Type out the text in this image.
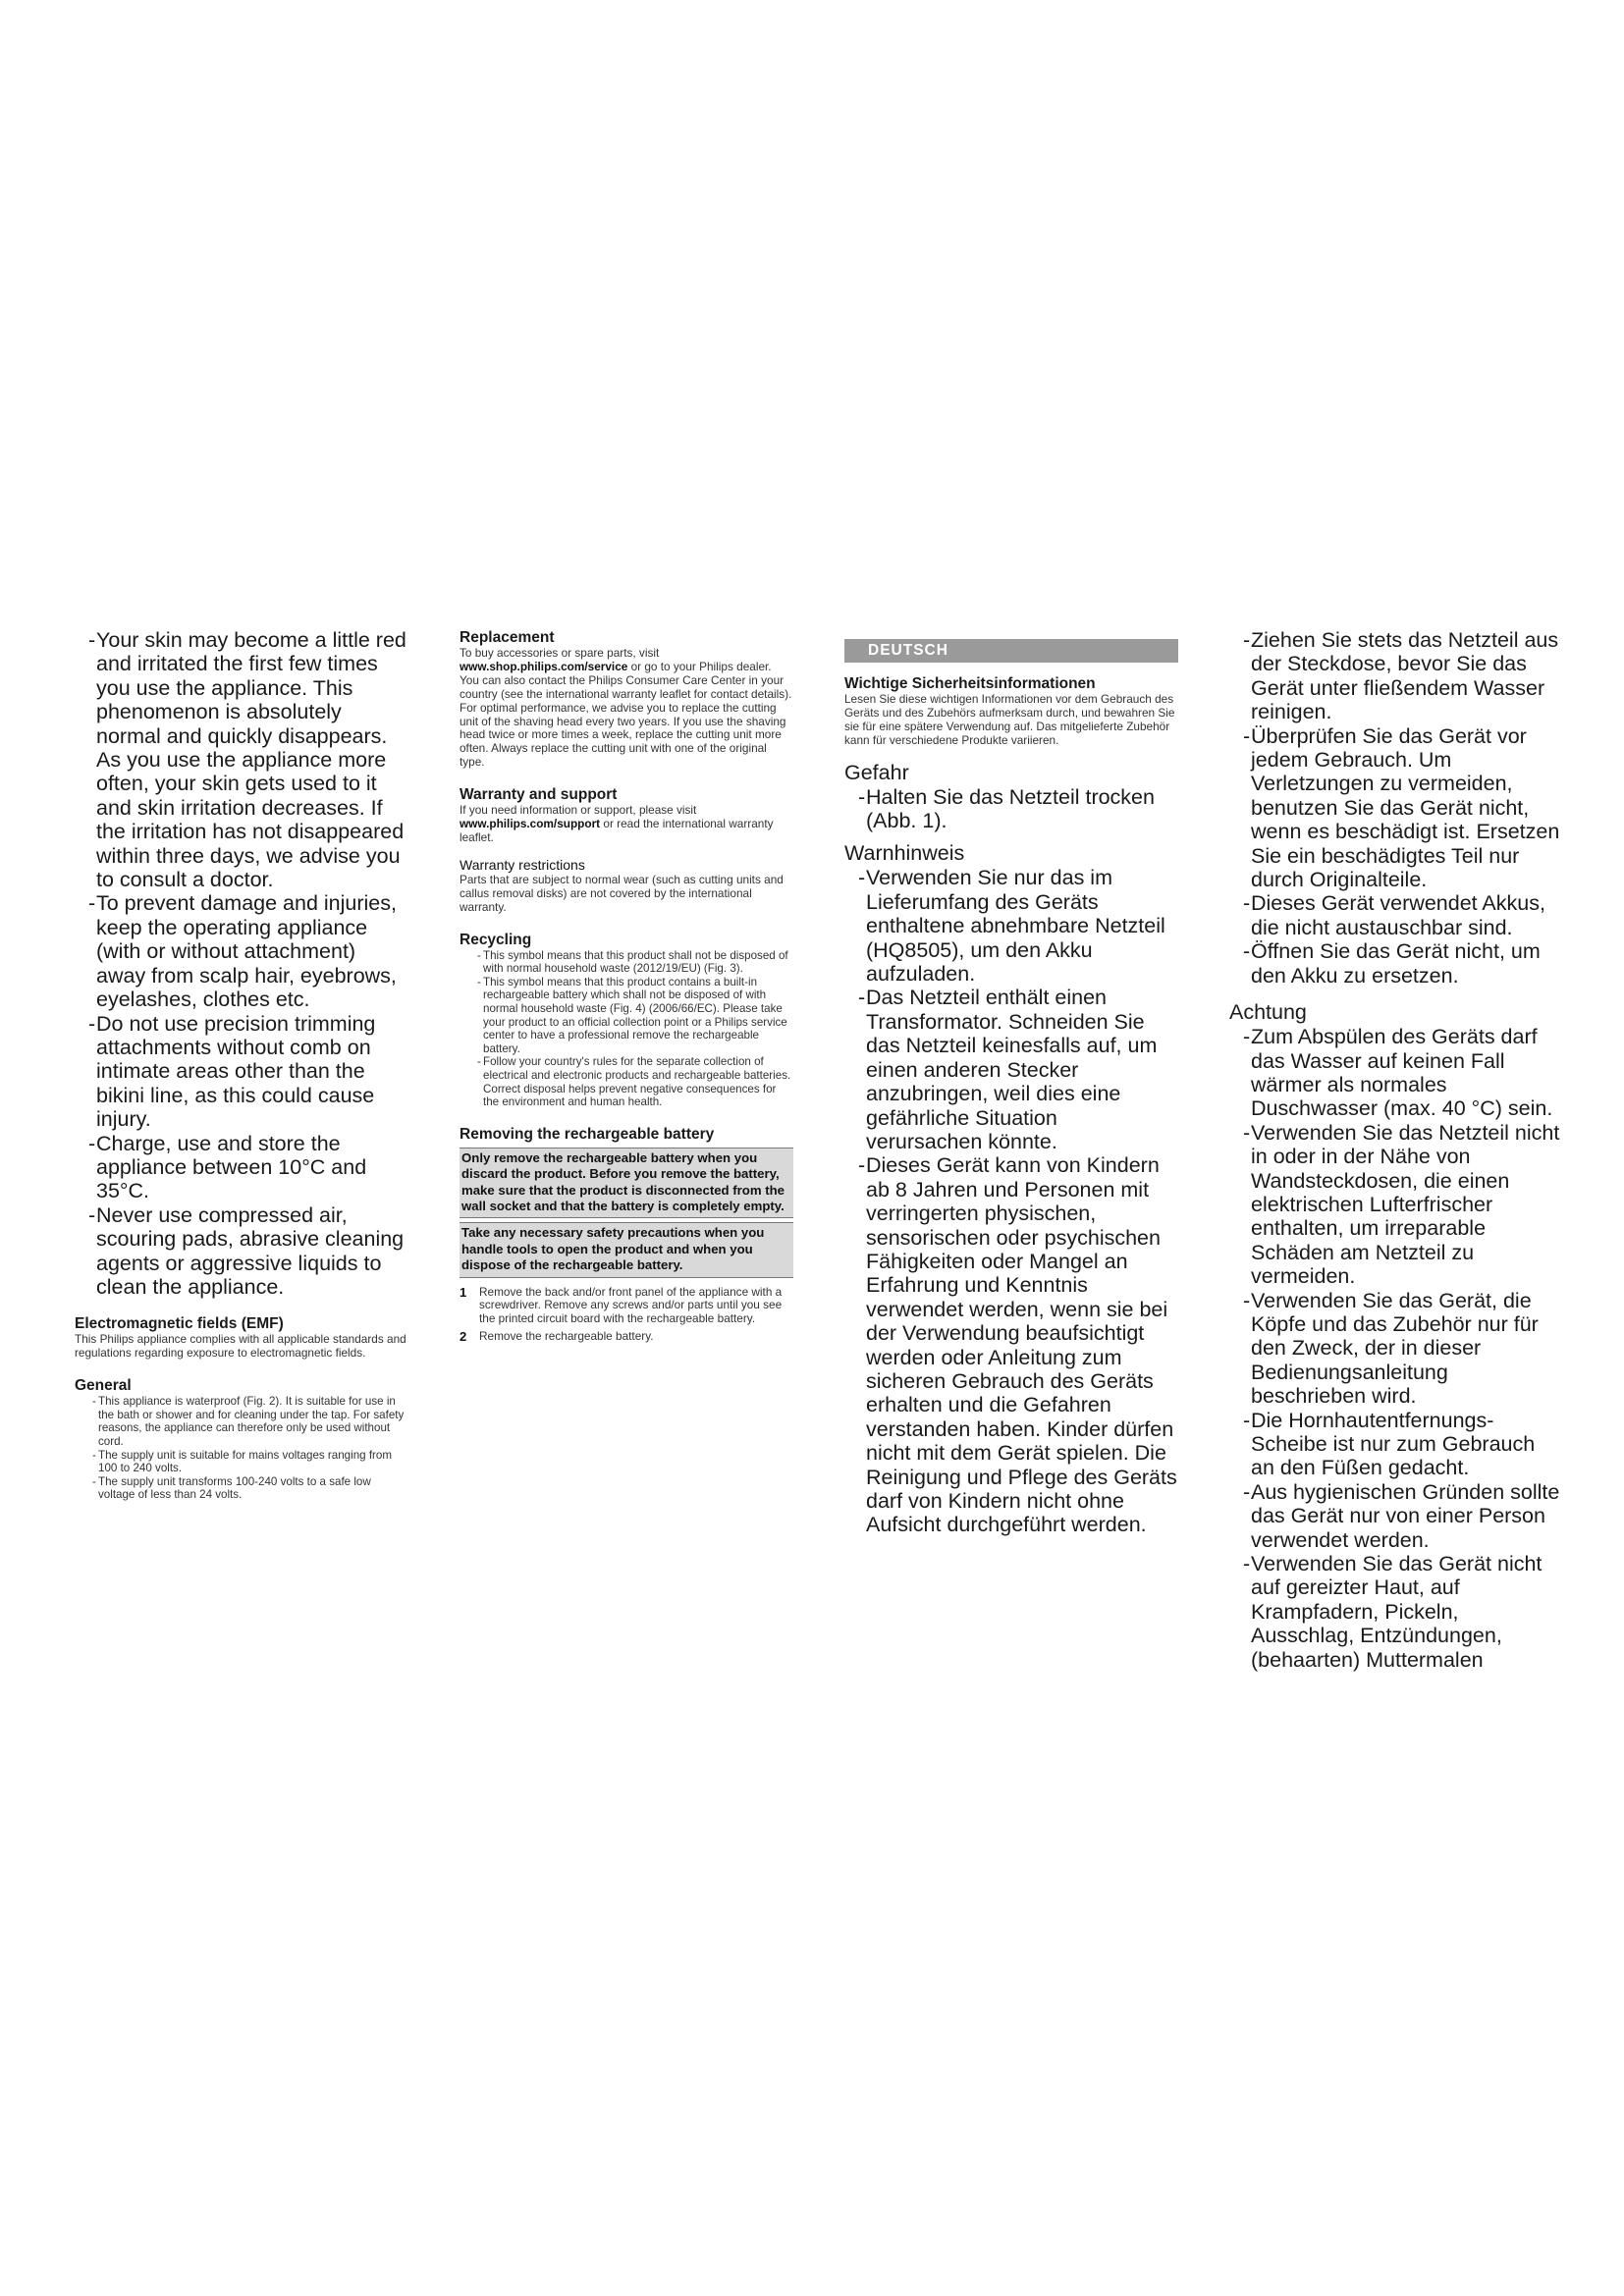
- Your skin may become a little red and irritated the first few times you use the appliance. This phenomenon is absolutely normal and quickly disappears. As you use the appliance more often, your skin gets used to it and skin irritation decreases. If the irritation has not disappeared within three days, we advise you to consult a doctor.
- To prevent damage and injuries, keep the operating appliance (with or without attachment) away from scalp hair, eyebrows, eyelashes, clothes etc.
- Do not use precision trimming attachments without comb on intimate areas other than the bikini line, as this could cause injury.
- Charge, use and store the appliance between 10°C and 35°C.
- Never use compressed air, scouring pads, abrasive cleaning agents or aggressive liquids to clean the appliance.
Electromagnetic fields (EMF)

This Philips appliance complies with all applicable standards and regulations regarding exposure to electromagnetic fields.

General
- This appliance is waterproof (Fig. 2). It is suitable for use in the bath or shower and for cleaning under the tap. For safety reasons, the appliance can therefore only be used without cord.
- The supply unit is suitable for mains voltages ranging from 100 to 240 volts.
- The supply unit transforms 100-240 volts to a safe low voltage of less than 24 volts.
Replacement

To buy accessories or spare parts, visit
www.shop.philips.com/service or go to your Philips dealer. You can also contact the Philips Consumer Care Center in your country (see the international warranty leaflet for contact details). For optimal performance, we advise you to replace the cutting unit of the shaving head every two years. If you use the shaving head twice or more times a week, replace the cutting unit more often. Always replace the cutting unit with one of the original type.

Warranty and support

If you need information or support, please visit www.philips.com/support or read the international warranty leaflet.

Warranty restrictions

Parts that are subject to normal wear (such as cutting units and callus removal disks) are not covered by the international warranty.

Recycling
- This symbol means that this product shall not be disposed of with normal household waste (2012/19/EU) (Fig. 3).
- This symbol means that this product contains a built-in rechargeable battery which shall not be disposed of with normal household waste (Fig. 4) (2006/66/EC). Please take your product to an official collection point or a Philips service center to have a professional remove the rechargeable battery.
- Follow your country's rules for the separate collection of electrical and electronic products and rechargeable batteries. Correct disposal helps prevent negative consequences for the environment and human health.
Removing the rechargeable battery
Only remove the rechargeable battery when you discard the product. Before you remove the battery, make sure that the product is disconnected from the wall socket and that the battery is completely empty.
Take any necessary safety precautions when you handle tools to open the product and when you dispose of the rechargeable battery.
1 Remove the back and/or front panel of the appliance with a screwdriver. Remove any screws and/or parts until you see the printed circuit board with the rechargeable battery.
2 Remove the rechargeable battery.
DEUTSCH
Wichtige Sicherheitsinformationen

Lesen Sie diese wichtigen Informationen vor dem Gebrauch des Geräts und des Zubehörs aufmerksam durch, und bewahren Sie sie für eine spätere Verwendung auf. Das mitgelieferte Zubehör kann für verschiedene Produkte variieren.

Gefahr
- Halten Sie das Netzteil trocken (Abb. 1).
Warnhinweis
- Verwenden Sie nur das im Lieferumfang des Geräts enthaltene abnehmbare Netzteil (HQ8505), um den Akku aufzuladen.
- Das Netzteil enthält einen Transformator. Schneiden Sie das Netzteil keinesfalls auf, um einen anderen Stecker anzubringen, weil dies eine gefährliche Situation verursachen könnte.
- Dieses Gerät kann von Kindern ab 8 Jahren und Personen mit verringerten physischen, sensorischen oder psychischen Fähigkeiten oder Mangel an Erfahrung und Kenntnis verwendet werden, wenn sie bei der Verwendung beaufsichtigt werden oder Anleitung zum sicheren Gebrauch des Geräts erhalten und die Gefahren verstanden haben. Kinder dürfen nicht mit dem Gerät spielen. Die Reinigung und Pflege des Geräts darf von Kindern nicht ohne Aufsicht durchgeführt werden.
- Ziehen Sie stets das Netzteil aus der Steckdose, bevor Sie das Gerät unter fließendem Wasser reinigen.
- Überprüfen Sie das Gerät vor jedem Gebrauch. Um Verletzungen zu vermeiden, benutzen Sie das Gerät nicht, wenn es beschädigt ist. Ersetzen Sie ein beschädigtes Teil nur durch Originalteile.
- Dieses Gerät verwendet Akkus, die nicht austauschbar sind.
- Öffnen Sie das Gerät nicht, um den Akku zu ersetzen.
Achtung
- Zum Abspülen des Geräts darf das Wasser auf keinen Fall wärmer als normales Duschwasser (max. 40 °C) sein.
- Verwenden Sie das Netzteil nicht in oder in der Nähe von Wandsteckdosen, die einen elektrischen Lufterfrischer enthalten, um irreparable Schäden am Netzteil zu vermeiden.
- Verwenden Sie das Gerät, die Köpfe und das Zubehör nur für den Zweck, der in dieser Bedienungsanleitung beschrieben wird.
- Die Hornhautentfernungs-Scheibe ist nur zum Gebrauch an den Füßen gedacht.
- Aus hygienischen Gründen sollte das Gerät nur von einer Person verwendet werden.
- Verwenden Sie das Gerät nicht auf gereizter Haut, auf Krampfadern, Pickeln, Ausschlag, Entzündungen, (behaarten) Muttermalen
